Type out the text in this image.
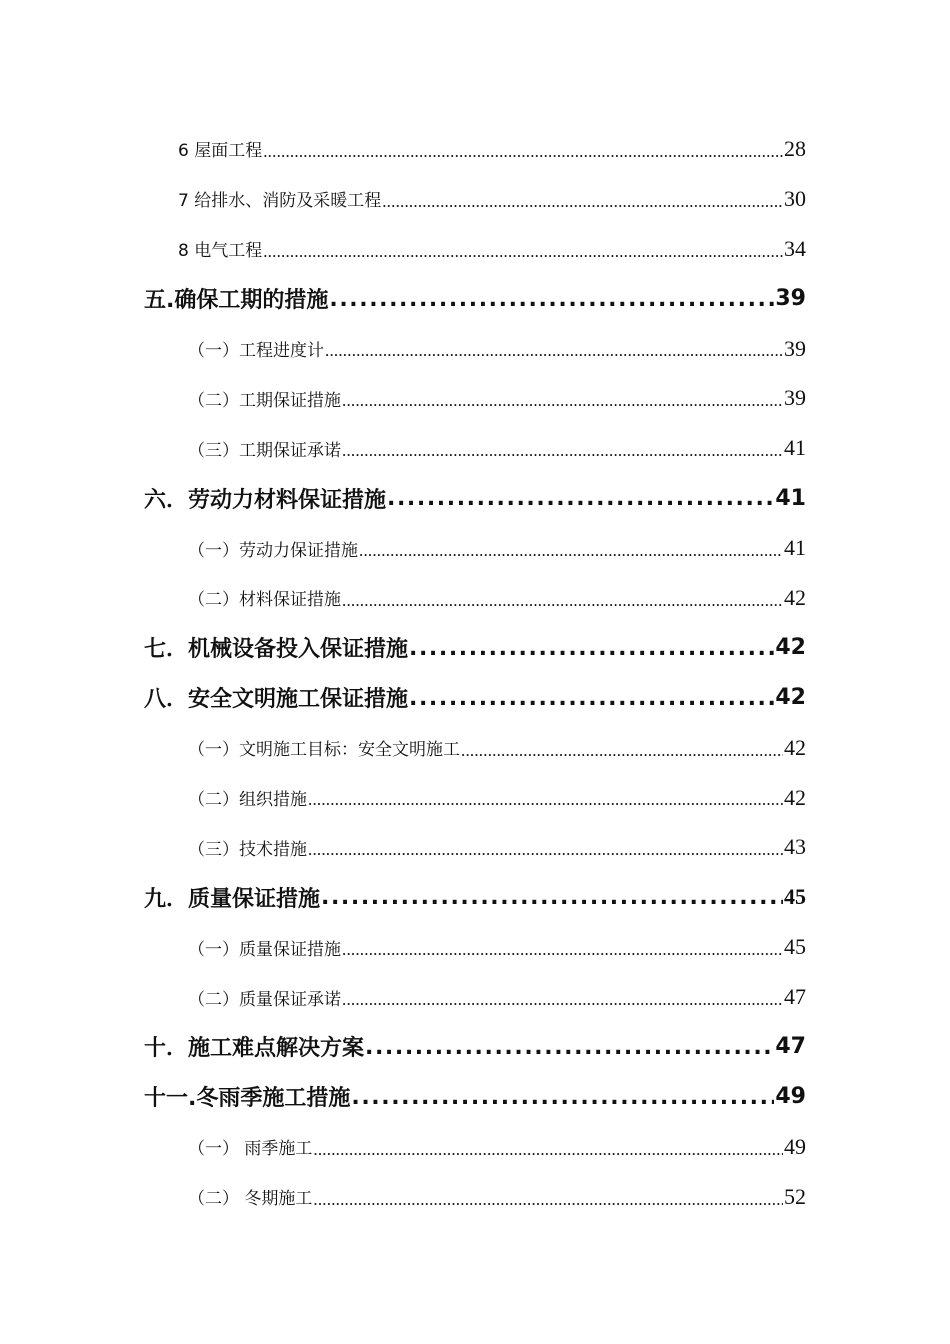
6 屋面工程 .....	28
7 给排水、消防及采暖工程 .....	30
8 电气工程 .....	34
五.确保工期的措施 .....	39
（一）工程进度计 .....	39
（二）工期保证措施 .....	39
（三）工期保证承诺 .....	41
六．劳动力材料保证措施 .....	41
（一）劳动力保证措施 .....	41
（二）材料保证措施 .....	42
七．机械设备投入保证措施 .....	42
八．安全文明施工保证措施 .....	42
（一）文明施工目标：安全文明施工 .....	42
（二）组织措施 .....	42
（三）技术措施 .....	43
九．质量保证措施 .....	45
（一）质量保证措施 .....	45
（二）质量保证承诺 .....	47
十．施工难点解决方案 .....	47
十一.冬雨季施工措施 .....	49
（一） 雨季施工 .....	49
（二） 冬期施工 .....	52
